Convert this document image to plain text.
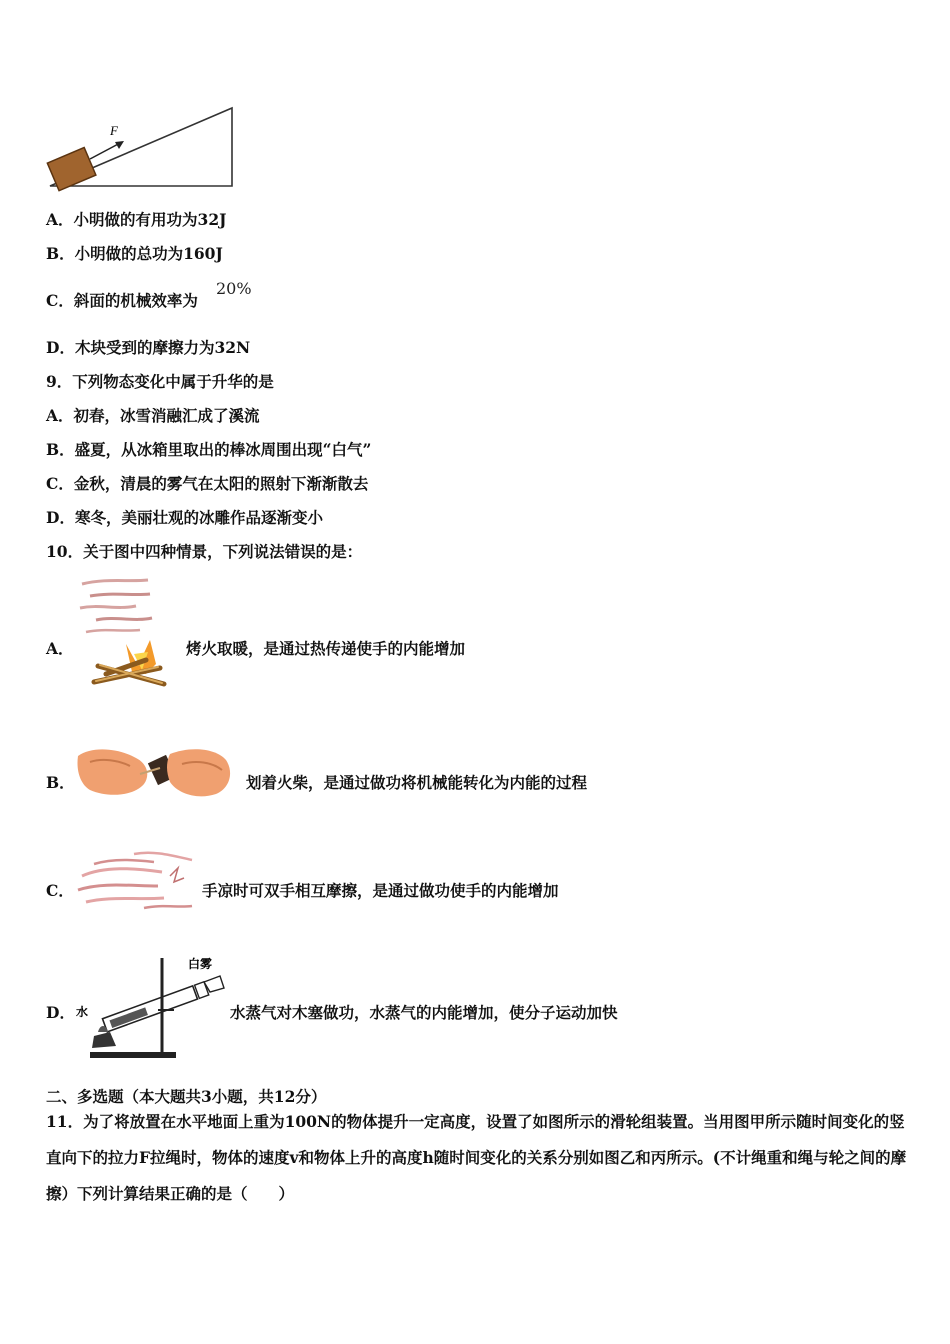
F
A．小明做的有用功为32J
B．小明做的总功为160J
C．斜面的机械效率为
20%
D．木块受到的摩擦力为32N
9．下列物态变化中属于升华的是
A．初春，冰雪消融汇成了溪流
B．盛夏，从冰箱里取出的棒冰周围出现“白气”
C．金秋，清晨的雾气在太阳的照射下渐渐散去
D．寒冬，美丽壮观的冰雕作品逐渐变小
10．关于图中四种情景，下列说法错误的是：
A．	烤火取暖，是通过热传递使手的内能增加
B．	划着火柴，是通过做功将机械能转化为内能的过程
C．	手凉时可双手相互摩擦，是通过做功使手的内能增加
水
白雾
D．	水蒸气对木塞做功，水蒸气的内能增加，使分子运动加快
二、多选题（本大题共3小题，共12分）
11．为了将放置在水平地面上重为100N的物体提升一定高度，设置了如图所示的滑轮组装置。当用图甲所示随时间变化的竖直向下的拉力F拉绳时，物体的速度v和物体上升的高度h随时间变化的关系分别如图乙和丙所示。(不计绳重和绳与轮之间的摩擦）下列计算结果正确的是（　　）
